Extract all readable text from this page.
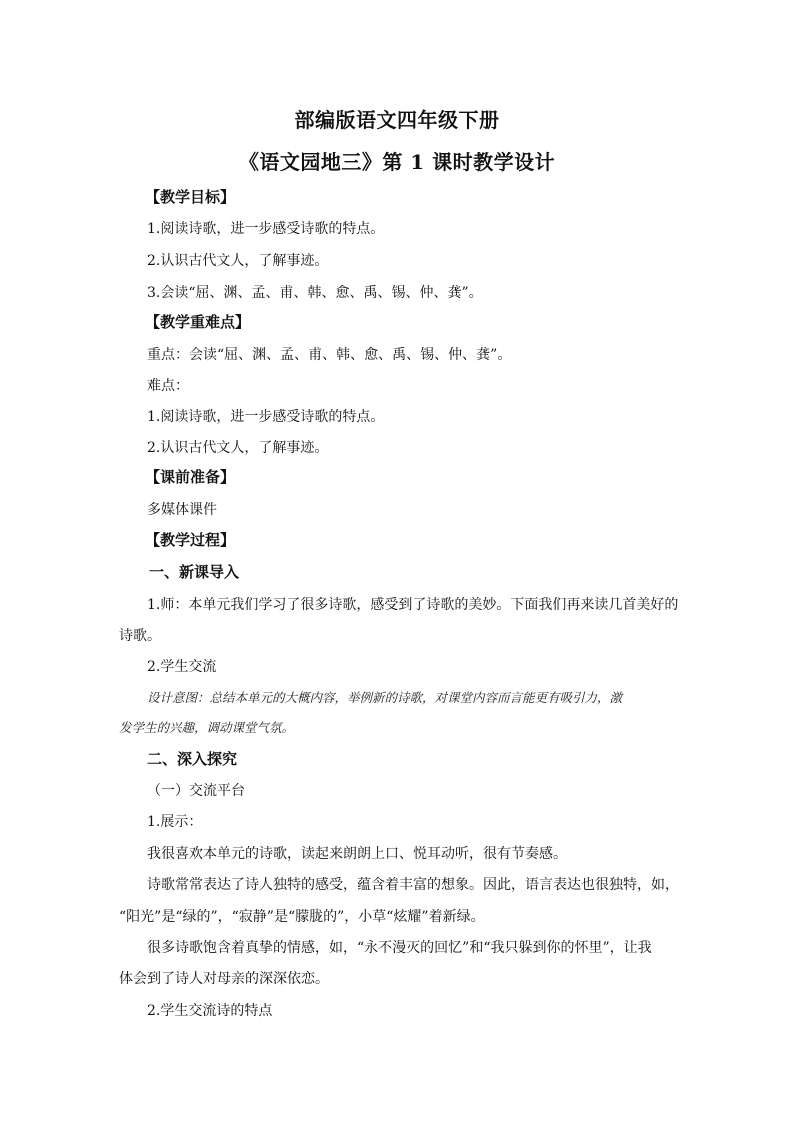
部编版语文四年级下册
《语文园地三》第 1 课时教学设计
【教学目标】
1.阅读诗歌，进一步感受诗歌的特点。
2.认识古代文人，了解事迹。
3.会读“屈、渊、孟、甫、韩、愈、禹、锡、仲、龚”。
【教学重难点】
重点：会读“屈、渊、孟、甫、韩、愈、禹、锡、仲、龚”。
难点：
1.阅读诗歌，进一步感受诗歌的特点。
2.认识古代文人，了解事迹。
【课前准备】
多媒体课件
【教学过程】
一、新课导入
1.师：本单元我们学习了很多诗歌，感受到了诗歌的美妙。下面我们再来读几首美好的
诗歌。
2.学生交流
设计意图：总结本单元的大概内容，举例新的诗歌，对课堂内容而言能更有吸引力，激
发学生的兴趣，调动课堂气氛。
二、深入探究
（一）交流平台
1.展示：
我很喜欢本单元的诗歌，读起来朗朗上口、悦耳动听，很有节奏感。
诗歌常常表达了诗人独特的感受，蕴含着丰富的想象。因此，语言表达也很独特，如，
“阳光”是“绿的”，“寂静”是“朦胧的”，小草“炫耀”着新绿。
很多诗歌饱含着真挚的情感，如，“永不漫灭的回忆”和“我只躲到你的怀里”，让我
体会到了诗人对母亲的深深依恋。
2.学生交流诗的特点
